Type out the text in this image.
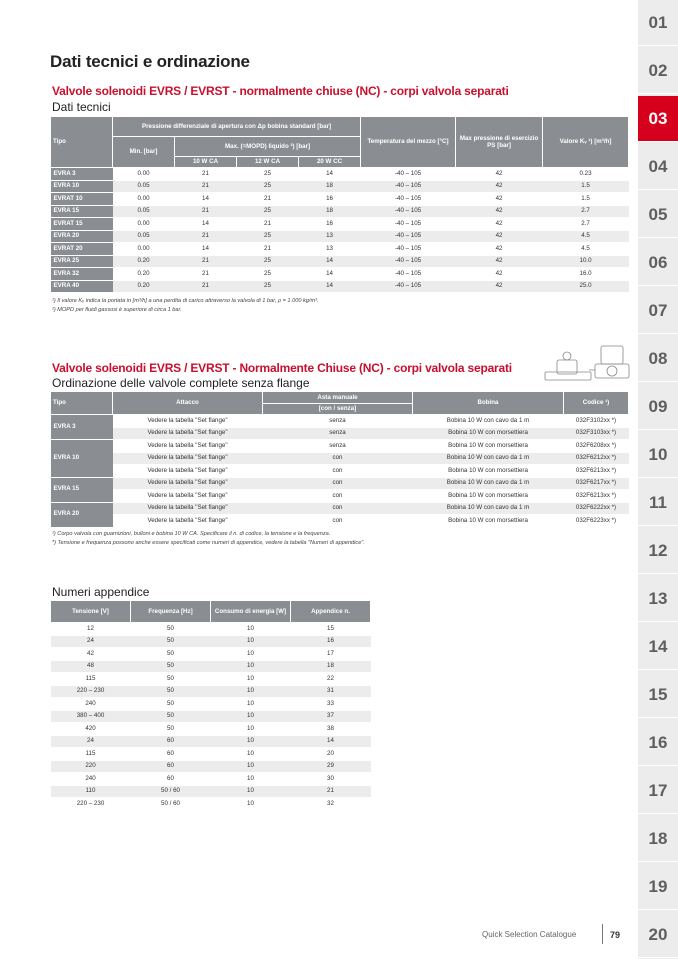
01
02
03
04
05
06
07
08
09
10
11
12
13
14
15
16
17
18
19
20
Dati tecnici e ordinazione
Valvole solenoidi EVRS / EVRST - normalmente chiuse (NC) - corpi valvola separati
Dati tecnici
Tipo	Pressione differenziale di apertura con Δp bobina standard [bar]				Temperatura del mezzo [°C]	Max pressione di esercizio PS [bar]	Valore Kᵥ ¹) [m³/h]
	Min. [bar]	Max. (=MOPD) liquido ²) [bar]					
		10 W CA	12 W CA	20 W CC			
EVRA 3	0.00	21	25	14	-40 – 105	42	0.23
EVRA 10	0.05	21	25	18	-40 – 105	42	1.5
EVRAT 10	0.00	14	21	16	-40 – 105	42	1.5
EVRA 15	0.05	21	25	18	-40 – 105	42	2.7
EVRAT 15	0.00	14	21	16	-40 – 105	42	2.7
EVRA 20	0.05	21	25	13	-40 – 105	42	4.5
EVRAT 20	0.00	14	21	13	-40 – 105	42	4.5
EVRA 25	0.20	21	25	14	-40 – 105	42	10.0
EVRA 32	0.20	21	25	14	-40 – 105	42	16.0
EVRA 40	0.20	21	25	14	-40 – 105	42	25.0
¹) Il valore Kᵥ indica la portata in [m³/h] a una perdita di carico attraverso la valvola di 1 bar, ρ = 1.000 kg/m³.
²) MOPD per fluidi gassosi è superiore di circa 1 bar.
Valvole solenoidi EVRS / EVRST - Normalmente Chiuse (NC) - corpi valvola separati
Ordinazione delle valvole complete senza flange
Tipo	Attacco	Asta manuale	Bobina	Codice ¹)
		[con / senza]		
EVRA 3	Vedere la tabella "Set flange"	senza	Bobina 10 W con cavo da 1 m	032F3102xx *)
	Vedere la tabella "Set flange"	senza	Bobina 10 W con morsettiera	032F3103xx *)
EVRA 10	Vedere la tabella "Set flange"	senza	Bobina 10 W con morsettiera	032F6208xx *)
	Vedere la tabella "Set flange"	con	Bobina 10 W con cavo da 1 m	032F6212xx *)
	Vedere la tabella "Set flange"	con	Bobina 10 W con morsettiera	032F6213xx *)
EVRA 15	Vedere la tabella "Set flange"	con	Bobina 10 W con cavo da 1 m	032F6217xx *)
	Vedere la tabella "Set flange"	con	Bobina 10 W con morsettiera	032F6213xx *)
EVRA 20	Vedere la tabella "Set flange"	con	Bobina 10 W con cavo da 1 m	032F6222xx *)
	Vedere la tabella "Set flange"	con	Bobina 10 W con morsettiera	032F6223xx *)
¹) Corpo valvola con guarnizioni, bulloni e bobina 10 W CA. Specificare il n. di codice, la tensione e la frequenza.
*) Tensione e frequenza possono anche essere specificati come numeri di appendice, vedere la tabella "Numeri di appendice".
Numeri appendice
Tensione [V]	Frequenza [Hz]	Consumo di energia [W]	Appendice n.
12	50	10	15
24	50	10	16
42	50	10	17
48	50	10	18
115	50	10	22
220 – 230	50	10	31
240	50	10	33
380 – 400	50	10	37
420	50	10	38
24	60	10	14
115	60	10	20
220	60	10	29
240	60	10	30
110	50 / 60	10	21
220 – 230	50 / 60	10	32
Quick Selection Catalogue	79
